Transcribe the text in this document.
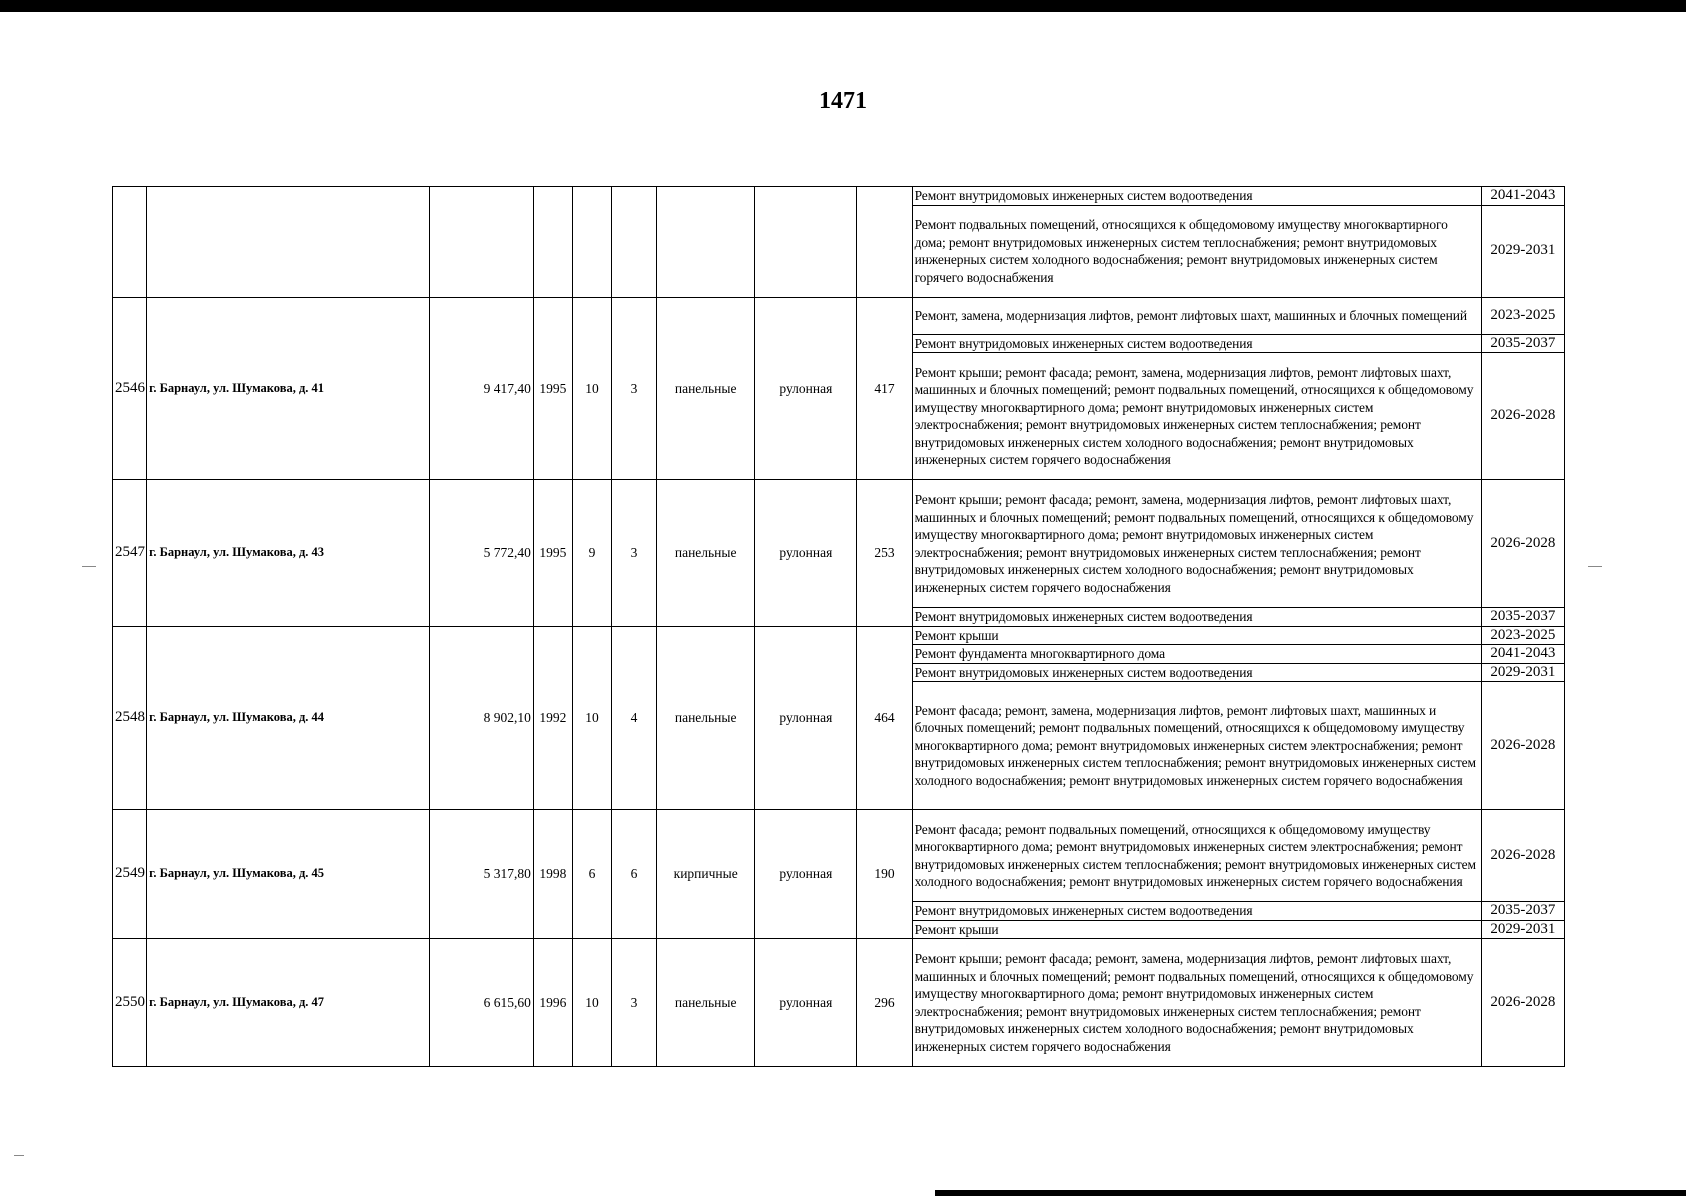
1471
									Ремонт внутридомовых инженерных систем водоотведения	2041-2043
									Ремонт подвальных помещений, относящихся к общедомовому имуществу многоквартирного дома; ремонт внутридомовых инженерных систем теплоснабжения; ремонт внутридомовых инженерных систем холодного водоснабжения; ремонт внутридомовых инженерных систем горячего водоснабжения	2029-2031
2546	г. Барнаул, ул. Шумакова, д. 41	9 417,40	1995	10	3	панельные	рулонная	417	Ремонт, замена, модернизация лифтов, ремонт лифтовых шахт, машинных и блочных помещений	2023-2025
									Ремонт внутридомовых инженерных систем водоотведения	2035-2037
									Ремонт крыши; ремонт фасада; ремонт, замена, модернизация лифтов, ремонт лифтовых шахт, машинных и блочных помещений; ремонт подвальных помещений, относящихся к общедомовому имуществу многоквартирного дома; ремонт внутридомовых инженерных систем электроснабжения; ремонт внутридомовых инженерных систем теплоснабжения; ремонт внутридомовых инженерных систем холодного водоснабжения; ремонт внутридомовых инженерных систем горячего водоснабжения	2026-2028
2547	г. Барнаул, ул. Шумакова, д. 43	5 772,40	1995	9	3	панельные	рулонная	253	Ремонт крыши; ремонт фасада; ремонт, замена, модернизация лифтов, ремонт лифтовых шахт, машинных и блочных помещений; ремонт подвальных помещений, относящихся к общедомовому имуществу многоквартирного дома; ремонт внутридомовых инженерных систем электроснабжения; ремонт внутридомовых инженерных систем теплоснабжения; ремонт внутридомовых инженерных систем холодного водоснабжения; ремонт внутридомовых инженерных систем горячего водоснабжения	2026-2028
									Ремонт внутридомовых инженерных систем водоотведения	2035-2037
2548	г. Барнаул, ул. Шумакова, д. 44	8 902,10	1992	10	4	панельные	рулонная	464	Ремонт крыши	2023-2025
									Ремонт фундамента многоквартирного дома	2041-2043
									Ремонт внутридомовых инженерных систем водоотведения	2029-2031
									Ремонт фасада; ремонт, замена, модернизация лифтов, ремонт лифтовых шахт, машинных и блочных помещений; ремонт подвальных помещений, относящихся к общедомовому имуществу многоквартирного дома; ремонт внутридомовых инженерных систем электроснабжения; ремонт внутридомовых инженерных систем теплоснабжения; ремонт внутридомовых инженерных систем холодного водоснабжения; ремонт внутридомовых инженерных систем горячего водоснабжения	2026-2028
2549	г. Барнаул, ул. Шумакова, д. 45	5 317,80	1998	6	6	кирпичные	рулонная	190	Ремонт фасада; ремонт подвальных помещений, относящихся к общедомовому имуществу многоквартирного дома; ремонт внутридомовых инженерных систем электроснабжения; ремонт внутридомовых инженерных систем теплоснабжения; ремонт внутридомовых инженерных систем холодного водоснабжения; ремонт внутридомовых инженерных систем горячего водоснабжения	2026-2028
									Ремонт внутридомовых инженерных систем водоотведения	2035-2037
									Ремонт крыши	2029-2031
2550	г. Барнаул, ул. Шумакова, д. 47	6 615,60	1996	10	3	панельные	рулонная	296	Ремонт крыши; ремонт фасада; ремонт, замена, модернизация лифтов, ремонт лифтовых шахт, машинных и блочных помещений; ремонт подвальных помещений, относящихся к общедомовому имуществу многоквартирного дома; ремонт внутридомовых инженерных систем электроснабжения; ремонт внутридомовых инженерных систем теплоснабжения; ремонт внутридомовых инженерных систем холодного водоснабжения; ремонт внутридомовых инженерных систем горячего водоснабжения	2026-2028
